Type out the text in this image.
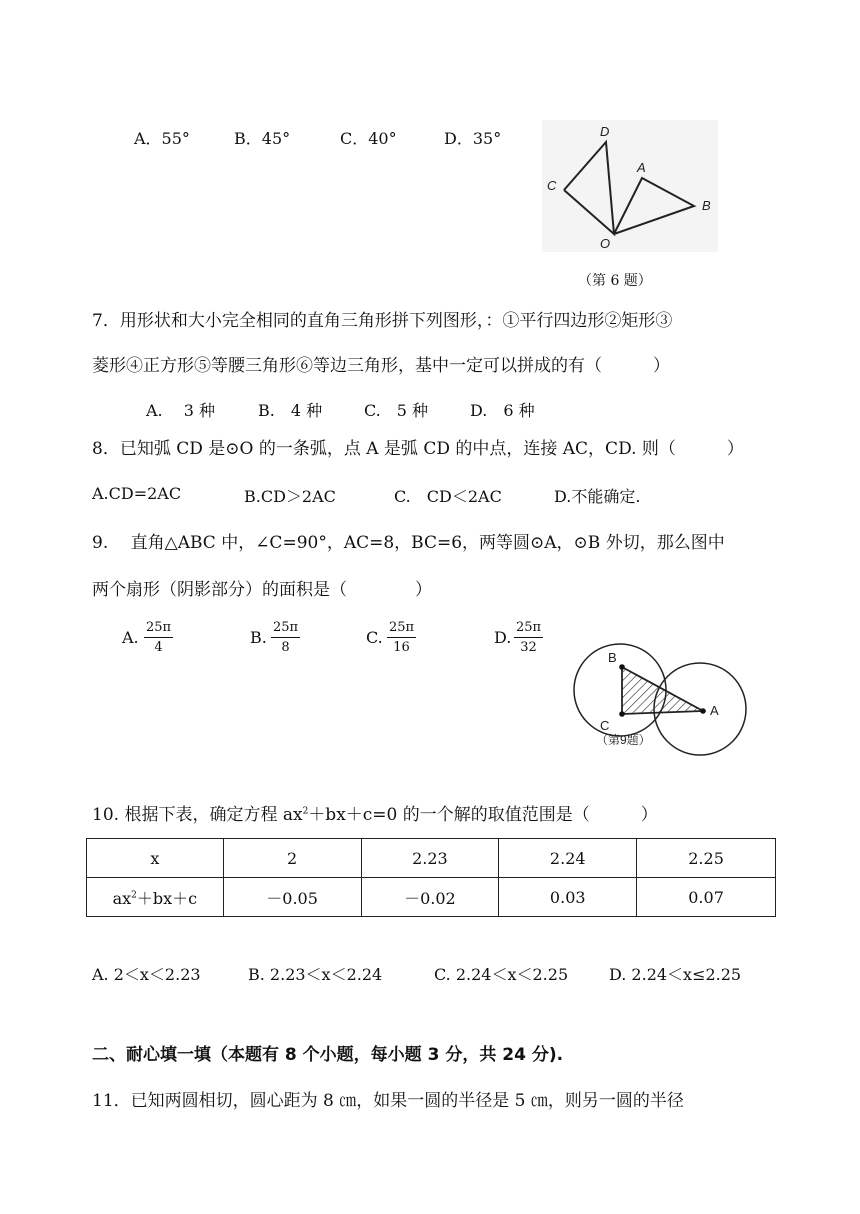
A．55°	B．45°	C．40°	D．35°	D
A
C
B
O
（第 6 题）
7．用形状和大小完全相同的直角三角形拼下列图形，：①平行四边形②矩形③
菱形④正方形⑤等腰三角形⑥等边三角形，基中一定可以拼成的有（　　　）
A.　 3 种	B.　4 种	C.　5 种	D.　6 种
8．已知弧 CD 是⊙O 的一条弧，点 A 是弧 CD 的中点，连接 AC，CD. 则（　　　）
A.CD=2AC	B.CD＞2AC	C.　CD＜2AC	D.不能确定.
9.　 直角△ABC 中，∠C=90°，AC=8，BC=6，两等圆⊙A，⊙B 外切，那么图中
两个扇形（阴影部分）的面积是（　　　　）
A. $\frac{25\pi}{4}$	B. $\frac{25\pi}{8}$	C. $\frac{25\pi}{16}$	D. $\frac{25\pi}{32}$
B
C
A
（第9题）
10. 根据下表，确定方程 $ax^2+bx+c=0$ 的一个解的取值范围是（　　　）
x	2	2.23	2.24	2.25
$ax^2+bx+c$	－0.05	－0.02	0.03	0.07
A. 2＜x＜2.23	B. 2.23＜x＜2.24	C. 2.24＜x＜2.25	D. 2.24＜x≤2.25
二、耐心填一填（本题有 8 个小题，每小题 3 分，共 24 分).
11．已知两圆相切，圆心距为 8 ㎝，如果一圆的半径是 5 ㎝，则另一圆的半径
